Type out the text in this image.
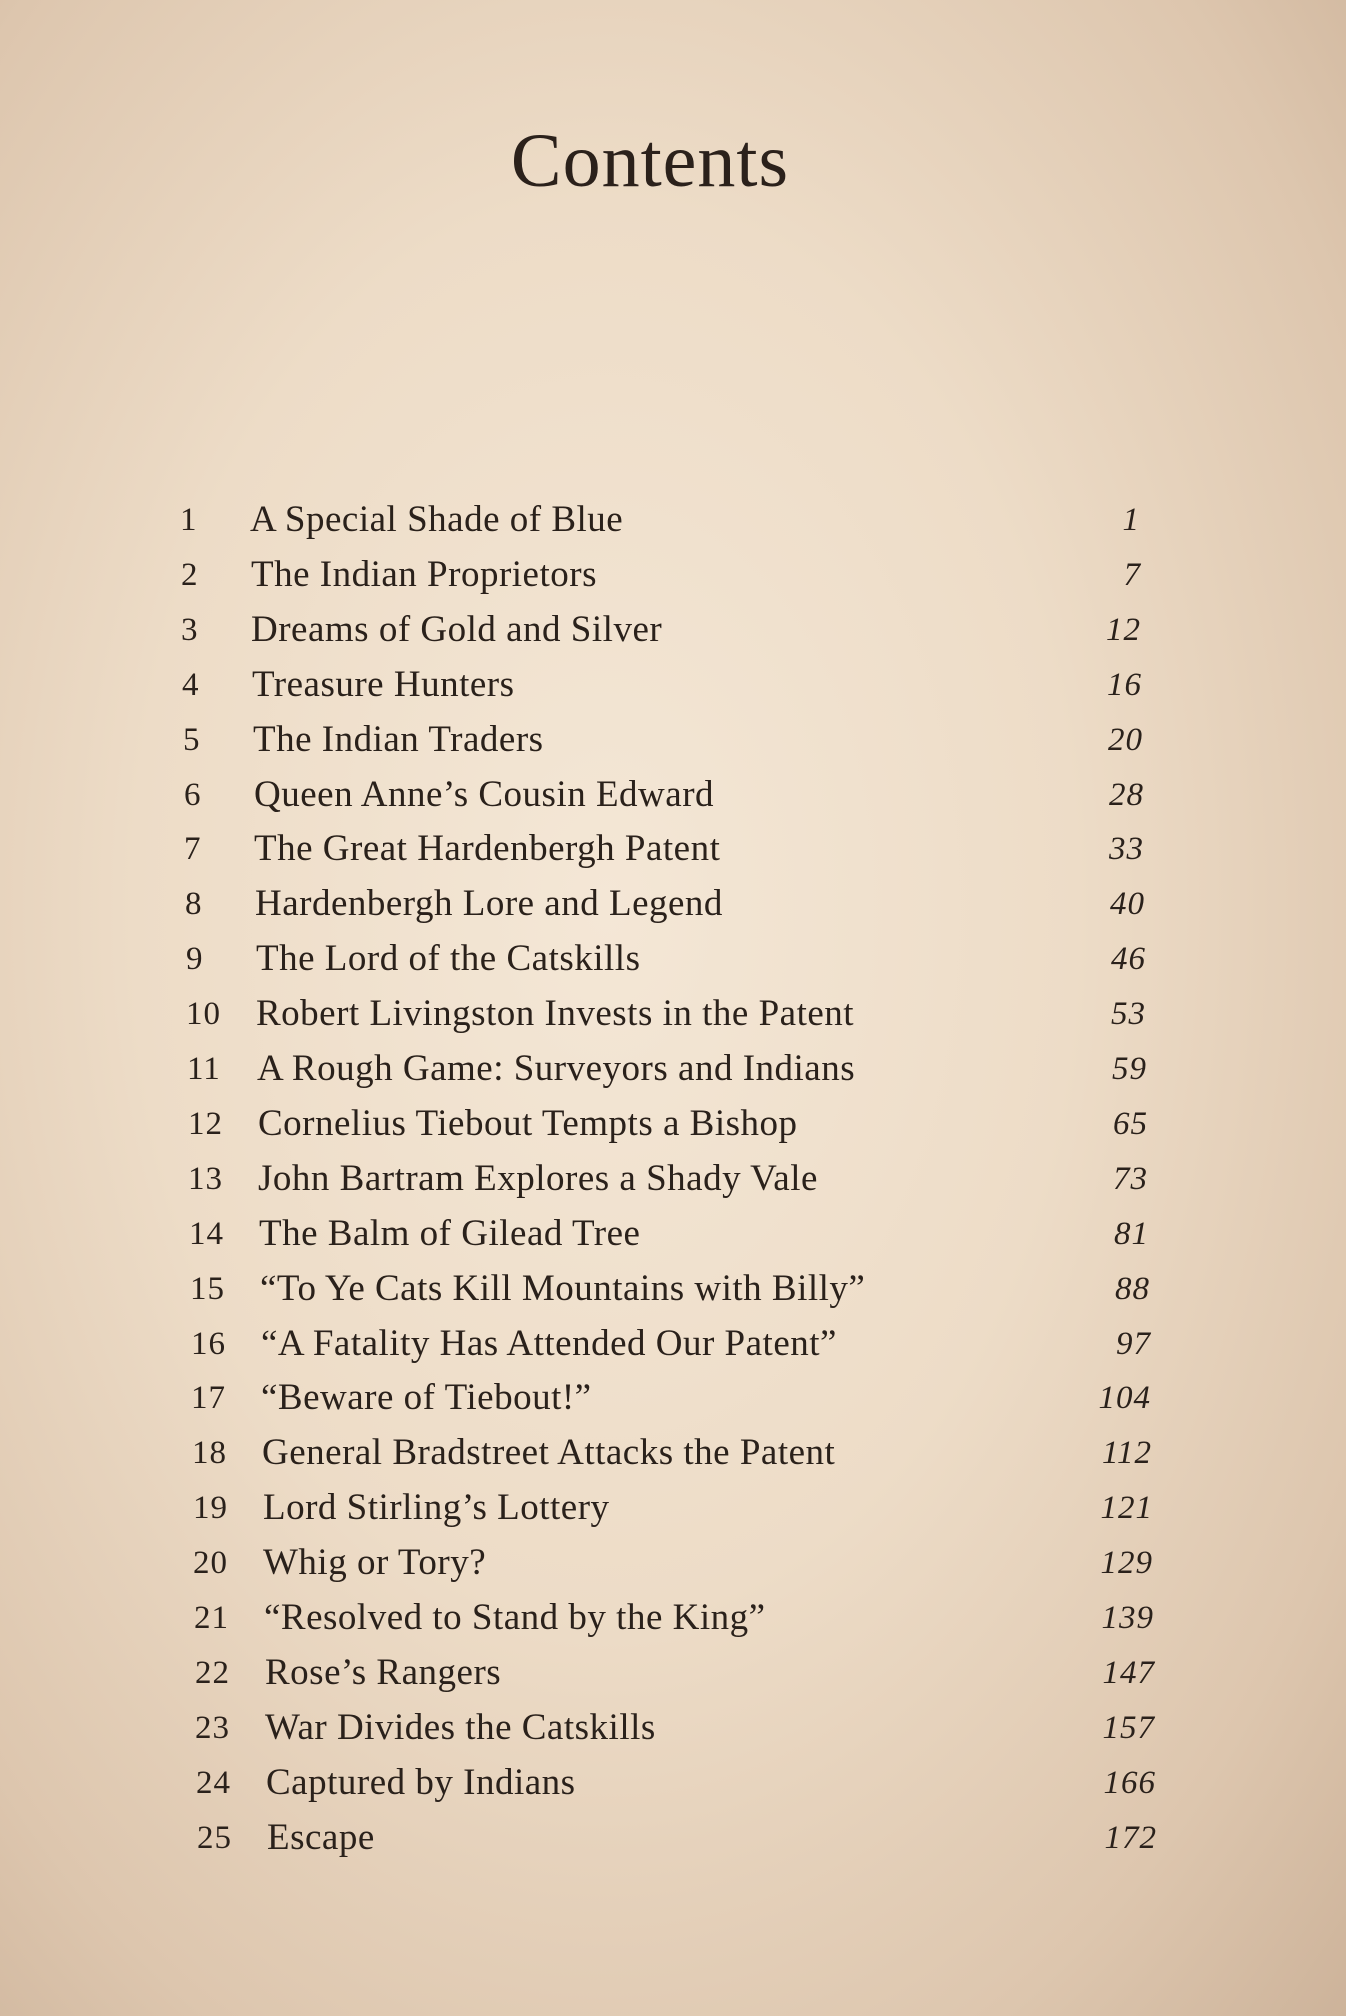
Contents
1	A Special Shade of Blue	1
2	The Indian Proprietors	7
3	Dreams of Gold and Silver	12
4	Treasure Hunters	16
5	The Indian Traders	20
6	Queen Anne’s Cousin Edward	28
7	The Great Hardenbergh Patent	33
8	Hardenbergh Lore and Legend	40
9	The Lord of the Catskills	46
10 Robert Livingston Invests in the Patent	53
11 A Rough Game: Surveyors and Indians	59
12 Cornelius Tiebout Tempts a Bishop	65
13 John Bartram Explores a Shady Vale	73
14 The Balm of Gilead Tree	81
15 “To Ye Cats Kill Mountains with Billy”	88
16 “A Fatality Has Attended Our Patent”	97
17 “Beware of Tiebout!”	104
18 General Bradstreet Attacks the Patent	112
19 Lord Stirling’s Lottery	121
20 Whig or Tory?	129
21 “Resolved to Stand by the King”	139
22 Rose’s Rangers	147
23 War Divides the Catskills	157
24 Captured by Indians	166
25 Escape	172
